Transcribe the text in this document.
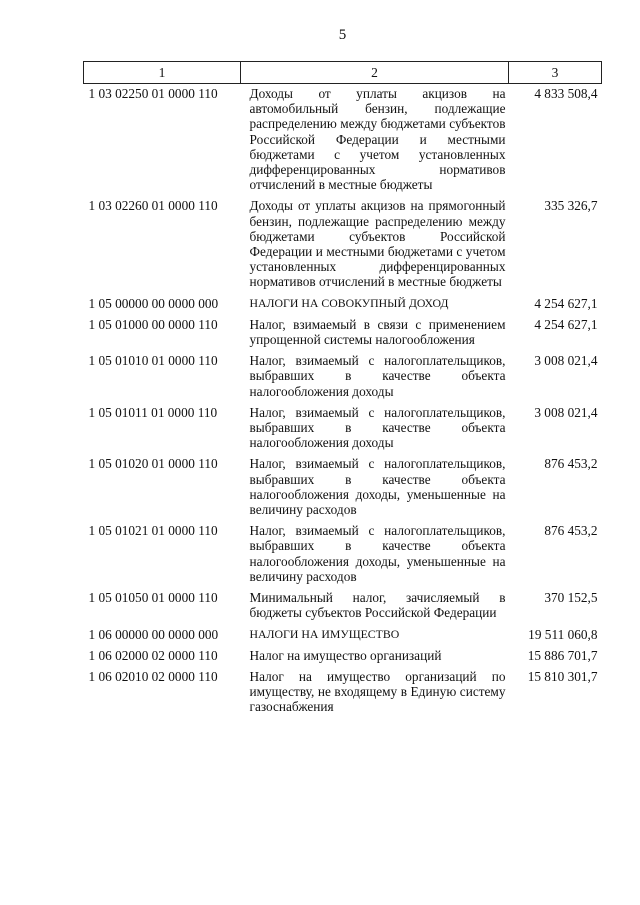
5
1	2	3
1 03 02250 01 0000 110	Доходы от уплаты акцизов на автомобильный бензин, подлежащие распределению между бюджетами субъектов Российской Федерации и местными бюджетами с учетом установленных дифференцированных нормативов отчислений в местные бюджеты	4 833 508,4
1 03 02260 01 0000 110	Доходы от уплаты акцизов на прямогонный бензин, подлежащие распределению между бюджетами субъектов Российской Федерации и местными бюджетами с учетом установленных дифференцированных нормативов отчислений в местные бюджеты	335 326,7
1 05 00000 00 0000 000	НАЛОГИ НА СОВОКУПНЫЙ ДОХОД	4 254 627,1
1 05 01000 00 0000 110	Налог, взимаемый в связи с применением упрощенной системы налогообложения	4 254 627,1
1 05 01010 01 0000 110	Налог, взимаемый с налогоплательщиков, выбравших в качестве объекта налогообложения доходы	3 008 021,4
1 05 01011 01 0000 110	Налог, взимаемый с налогоплательщиков, выбравших в качестве объекта налогообложения доходы	3 008 021,4
1 05 01020 01 0000 110	Налог, взимаемый с налогоплательщиков, выбравших в качестве объекта налогообложения доходы, уменьшенные на величину расходов	876 453,2
1 05 01021 01 0000 110	Налог, взимаемый с налогоплательщиков, выбравших в качестве объекта налогообложения доходы, уменьшенные на величину расходов	876 453,2
1 05 01050 01 0000 110	Минимальный налог, зачисляемый в бюджеты субъектов Российской Федерации	370 152,5
1 06 00000 00 0000 000	НАЛОГИ НА ИМУЩЕСТВО	19 511 060,8
1 06 02000 02 0000 110	Налог на имущество организаций	15 886 701,7
1 06 02010 02 0000 110	Налог на имущество организаций по имуществу, не входящему в Единую систему газоснабжения	15 810 301,7
